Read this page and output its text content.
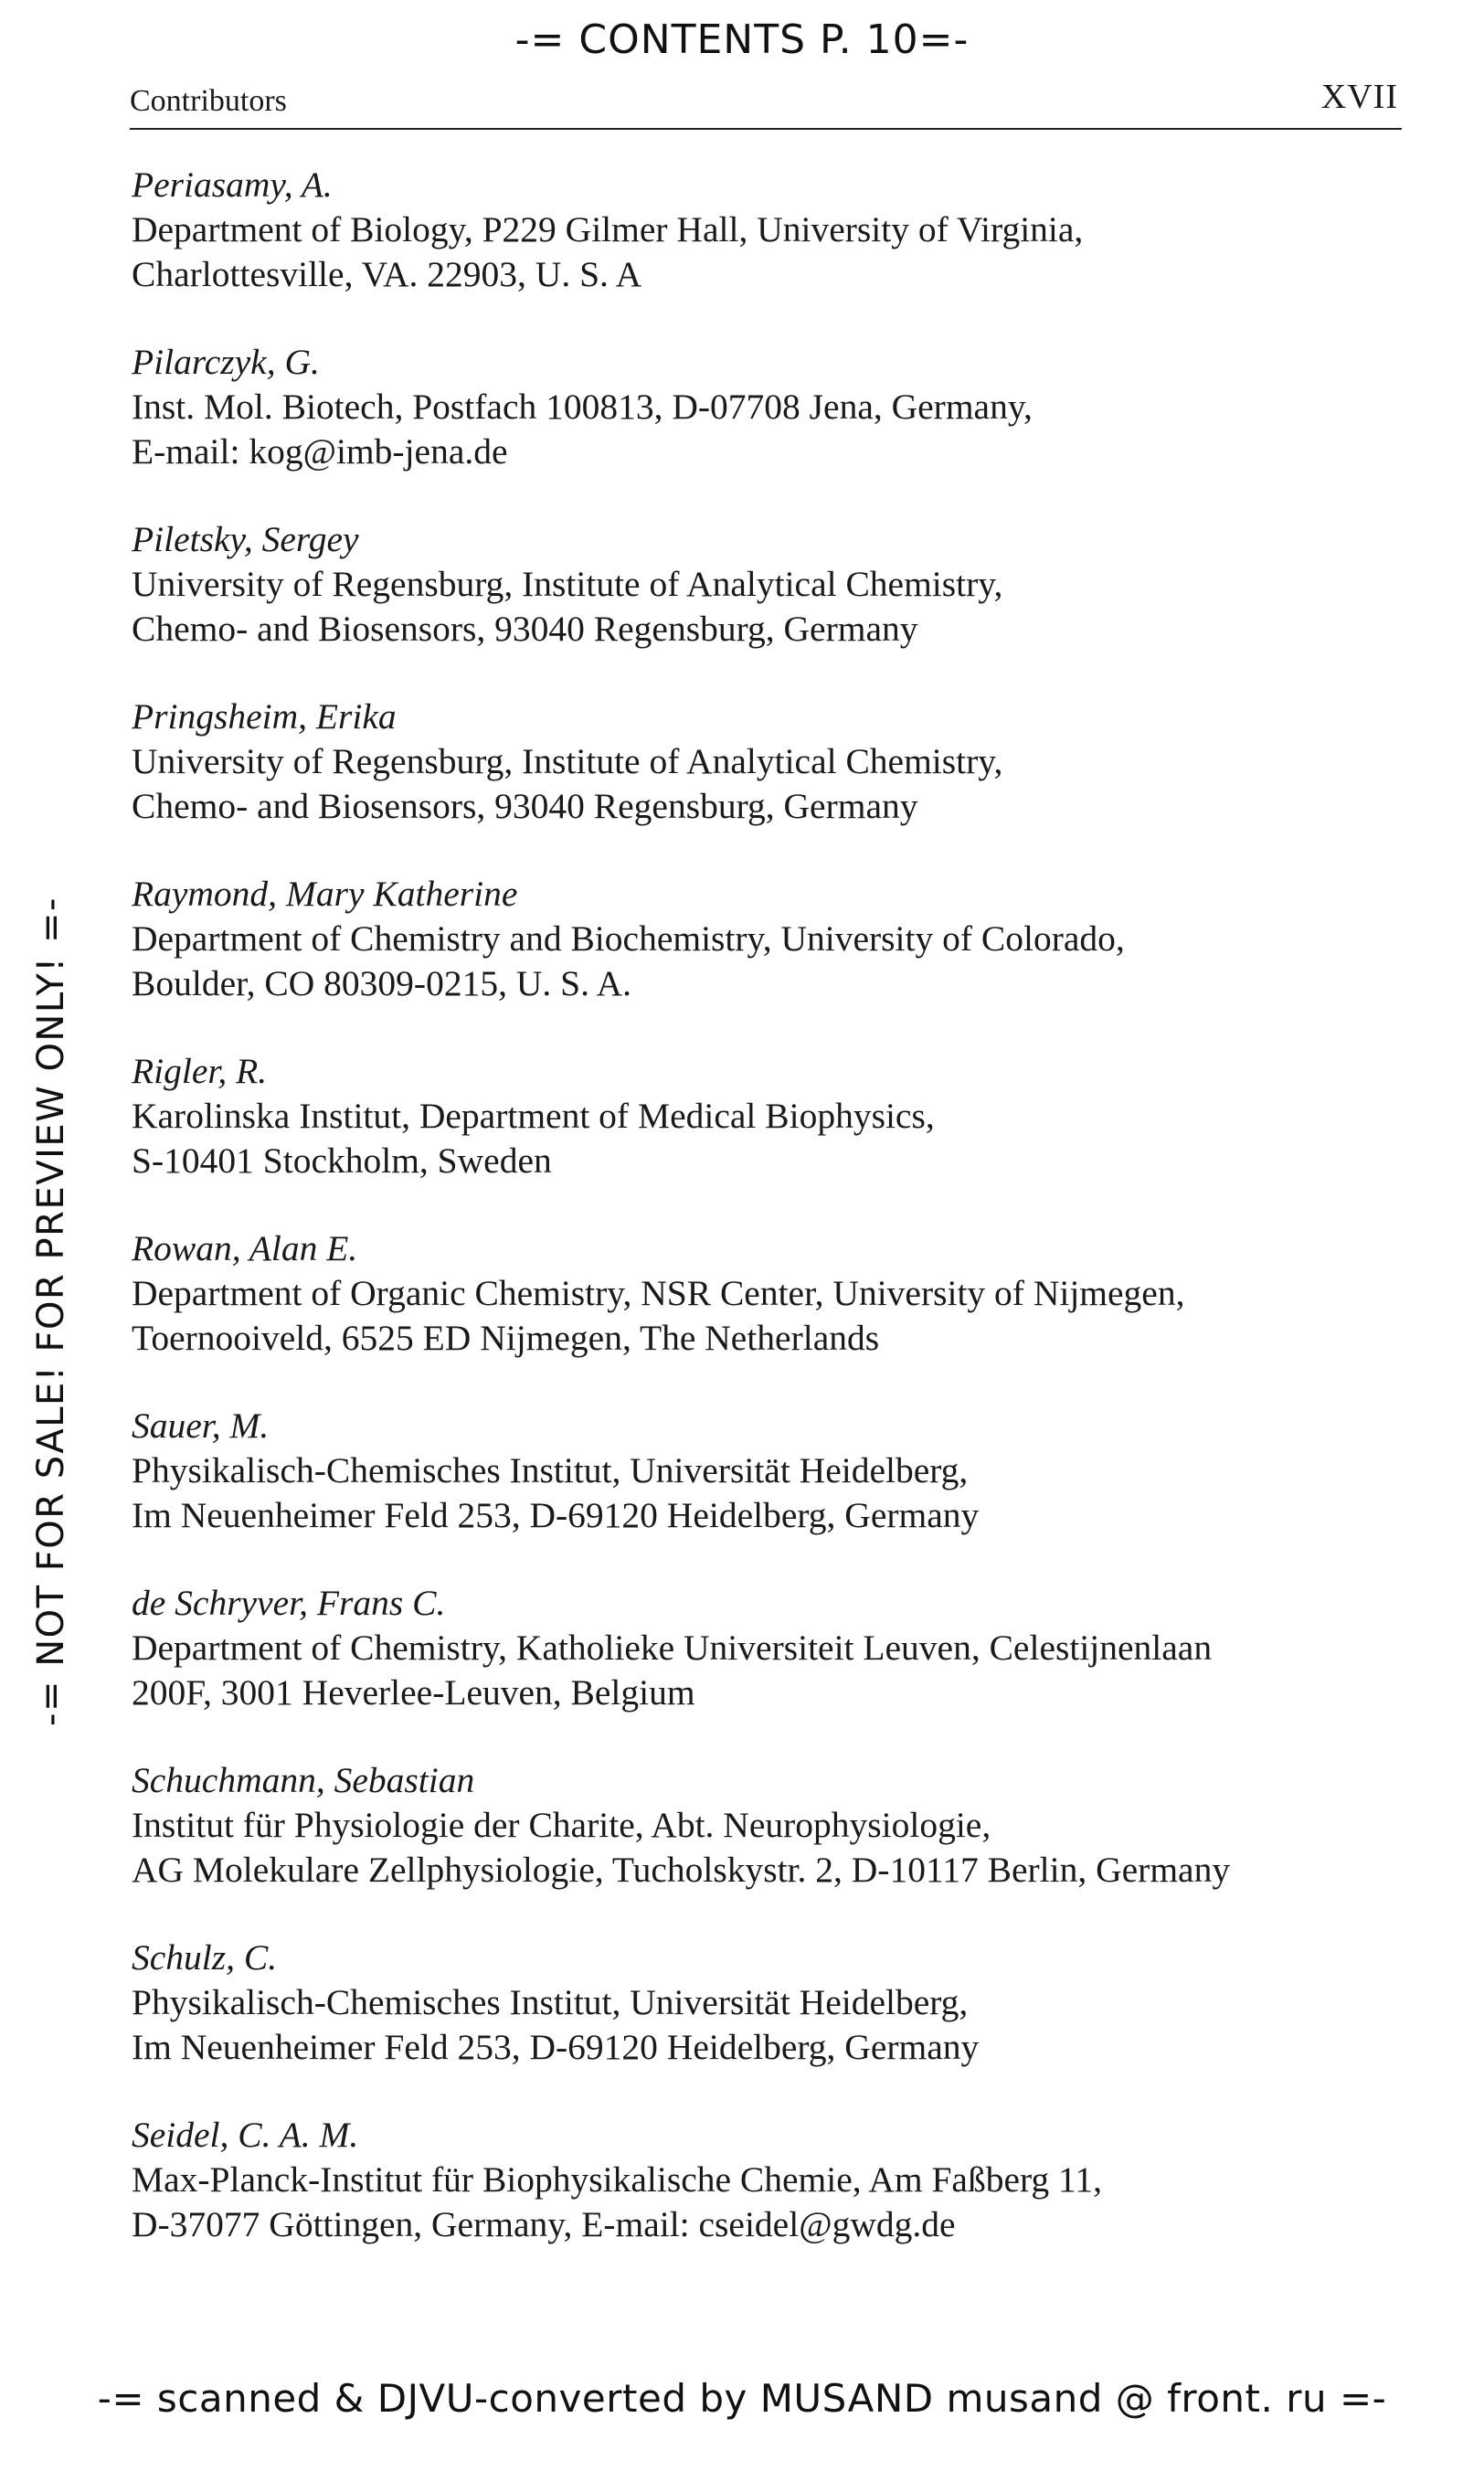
-= CONTENTS P. 10=-
Contributors	XVII
-= NOT FOR SALE! FOR PREVIEW ONLY! =-
Periasamy, A.
Department of Biology, P229 Gilmer Hall, University of Virginia,
Charlottesville, VA. 22903, U. S. A
Pilarczyk, G.
Inst. Mol. Biotech, Postfach 100813, D-07708 Jena, Germany,
E-mail: kog@imb-jena.de
Piletsky, Sergey
University of Regensburg, Institute of Analytical Chemistry,
Chemo- and Biosensors, 93040 Regensburg, Germany
Pringsheim, Erika
University of Regensburg, Institute of Analytical Chemistry,
Chemo- and Biosensors, 93040 Regensburg, Germany
Raymond, Mary Katherine
Department of Chemistry and Biochemistry, University of Colorado,
Boulder, CO 80309-0215, U. S. A.
Rigler, R.
Karolinska Institut, Department of Medical Biophysics,
S-10401 Stockholm, Sweden
Rowan, Alan E.
Department of Organic Chemistry, NSR Center, University of Nijmegen,
Toernooiveld, 6525 ED Nijmegen, The Netherlands
Sauer, M.
Physikalisch-Chemisches Institut, Universität Heidelberg,
Im Neuenheimer Feld 253, D-69120 Heidelberg, Germany
de Schryver, Frans C.
Department of Chemistry, Katholieke Universiteit Leuven, Celestijnenlaan
200F, 3001 Heverlee-Leuven, Belgium
Schuchmann, Sebastian
Institut für Physiologie der Charite, Abt. Neurophysiologie,
AG Molekulare Zellphysiologie, Tucholskystr. 2, D-10117 Berlin, Germany
Schulz, C.
Physikalisch-Chemisches Institut, Universität Heidelberg,
Im Neuenheimer Feld 253, D-69120 Heidelberg, Germany
Seidel, C. A. M.
Max-Planck-Institut für Biophysikalische Chemie, Am Faßberg 11,
D-37077 Göttingen, Germany, E-mail: cseidel@gwdg.de
-= scanned & DJVU-converted by MUSAND musand @ front. ru =-
